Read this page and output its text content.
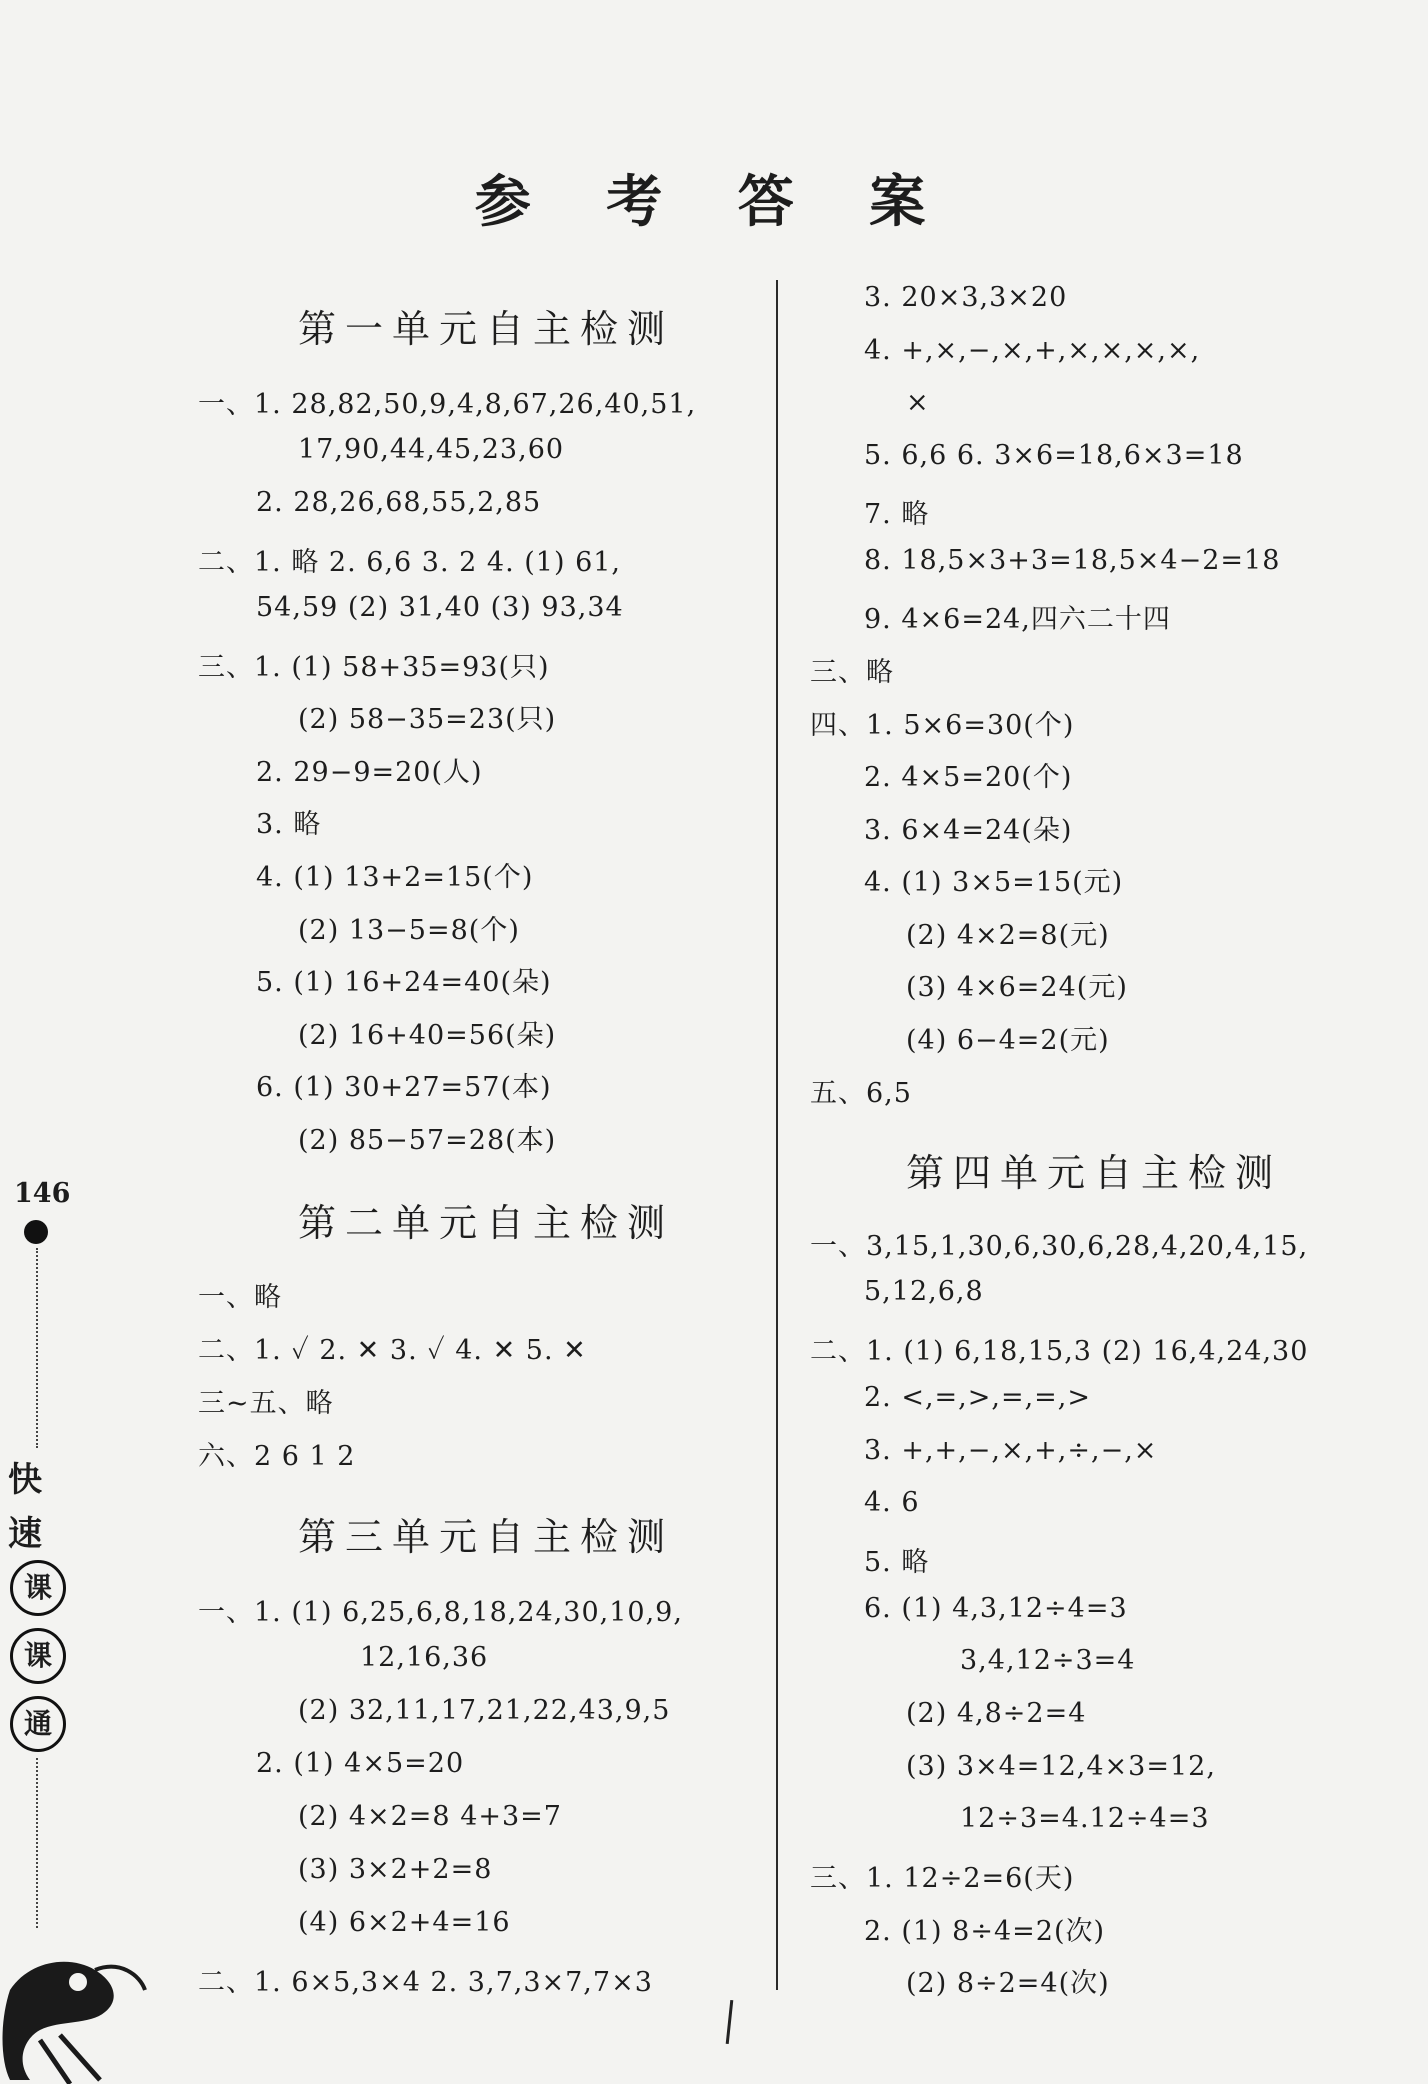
参 考 答 案
第一单元自主检测
一、1. 28,82,50,9,4,8,67,26,40,51,
17,90,44,45,23,60
2. 28,26,68,55,2,85
二、1. 略 2. 6,6 3. 2 4. (1) 61,
54,59 (2) 31,40 (3) 93,34
三、1. (1) 58+35=93(只)
(2) 58−35=23(只)
2. 29−9=20(人)
3. 略
4. (1) 13+2=15(个)
(2) 13−5=8(个)
5. (1) 16+24=40(朵)
(2) 16+40=56(朵)
6. (1) 30+27=57(本)
(2) 85−57=28(本)
第二单元自主检测
一、略
二、1. ✓ 2. ✕ 3. ✓ 4. ✕ 5. ✕
三~五、略
六、2 6 1 2
第三单元自主检测
一、1. (1) 6,25,6,8,18,24,30,10,9,
12,16,36
(2) 32,11,17,21,22,43,9,5
2. (1) 4×5=20
(2) 4×2=8 4+3=7
(3) 3×2+2=8
(4) 6×2+4=16
二、1. 6×5,3×4 2. 3,7,3×7,7×3
3. 20×3,3×20
4. +,×,−,×,+,×,×,×,×,
×
5. 6,6 6. 3×6=18,6×3=18
7. 略
8. 18,5×3+3=18,5×4−2=18
9. 4×6=24,四六二十四
三、略
四、1. 5×6=30(个)
2. 4×5=20(个)
3. 6×4=24(朵)
4. (1) 3×5=15(元)
(2) 4×2=8(元)
(3) 4×6=24(元)
(4) 6−4=2(元)
五、6,5
第四单元自主检测
一、3,15,1,30,6,30,6,28,4,20,4,15,
5,12,6,8
二、1. (1) 6,18,15,3 (2) 16,4,24,30
2. <,=,>,=,=,>
3. +,+,−,×,+,÷,−,×
4. 6
5. 略
6. (1) 4,3,12÷4=3
3,4,12÷3=4
(2) 4,8÷2=4
(3) 3×4=12,4×3=12,
12÷3=4.12÷4=3
三、1. 12÷2=6(天)
2. (1) 8÷4=2(次)
(2) 8÷2=4(次)
146
快
速
课
课
通
